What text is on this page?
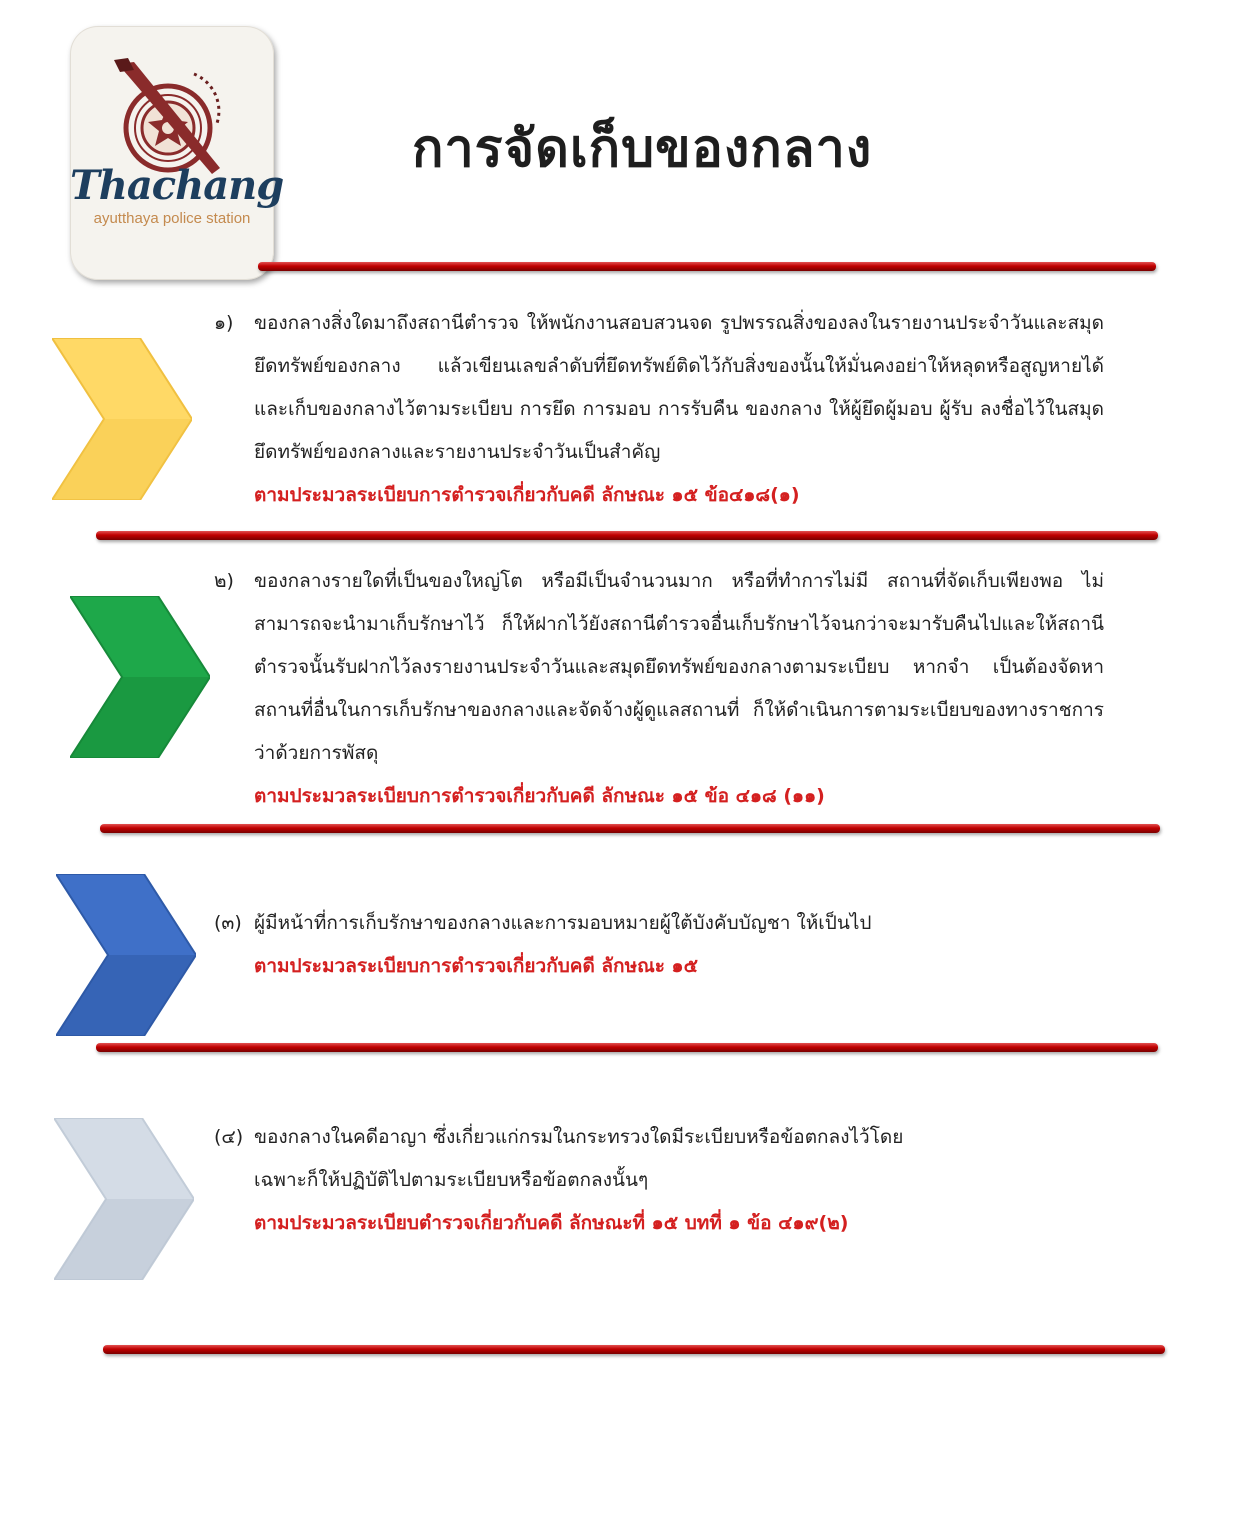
Thachang
ayutthaya police station
การจัดเก็บของกลาง
๑)	ของกลางสิ่งใดมาถึงสถานีตำรวจ ให้พนักงานสอบสวนจด รูปพรรณสิ่งของลงในรายงานประจำวันและสมุดยึดทรัพย์ของกลาง แล้วเขียนเลขลำดับที่ยึดทรัพย์ติดไว้กับสิ่งของนั้นให้มั่นคงอย่าให้หลุดหรือสูญหายได้และเก็บของกลางไว้ตามระเบียบ การยึด การมอบ การรับคืน ของกลาง ให้ผู้ยึดผู้มอบ ผู้รับ ลงชื่อไว้ในสมุดยึดทรัพย์ของกลางและรายงานประจำวันเป็นสำคัญ
ตามประมวลระเบียบการตำรวจเกี่ยวกับคดี ลักษณะ ๑๕ ข้อ๔๑๘(๑)
๒)	ของกลางรายใดที่เป็นของใหญ่โต หรือมีเป็นจำนวนมาก หรือที่ทำการไม่มี สถานที่จัดเก็บเพียงพอ ไม่สามารถจะนำมาเก็บรักษาไว้ ก็ให้ฝากไว้ยังสถานีตำรวจอื่นเก็บรักษาไว้จนกว่าจะมารับคืนไปและให้สถานีตำรวจนั้นรับฝากไว้ลงรายงานประจำวันและสมุดยึดทรัพย์ของกลางตามระเบียบ หากจำ เป็นต้องจัดหาสถานที่อื่นในการเก็บรักษาของกลางและจัดจ้างผู้ดูแลสถานที่ ก็ให้ดำเนินการตามระเบียบของทางราชการว่าด้วยการพัสดุ
ตามประมวลระเบียบการตำรวจเกี่ยวกับคดี ลักษณะ ๑๕ ข้อ ๔๑๘ (๑๑)
(๓) ผู้มีหน้าที่การเก็บรักษาของกลางและการมอบหมายผู้ใต้บังคับบัญชา ให้เป็นไป
ตามประมวลระเบียบการตำรวจเกี่ยวกับคดี ลักษณะ ๑๕
(๔) ของกลางในคดีอาญา ซึ่งเกี่ยวแก่กรมในกระทรวงใดมีระเบียบหรือข้อตกลงไว้โดยเฉพาะก็ให้ปฏิบัติไปตามระเบียบหรือข้อตกลงนั้นๆ
ตามประมวลระเบียบตำรวจเกี่ยวกับคดี ลักษณะที่ ๑๕ บทที่ ๑ ข้อ ๔๑๙(๒)
